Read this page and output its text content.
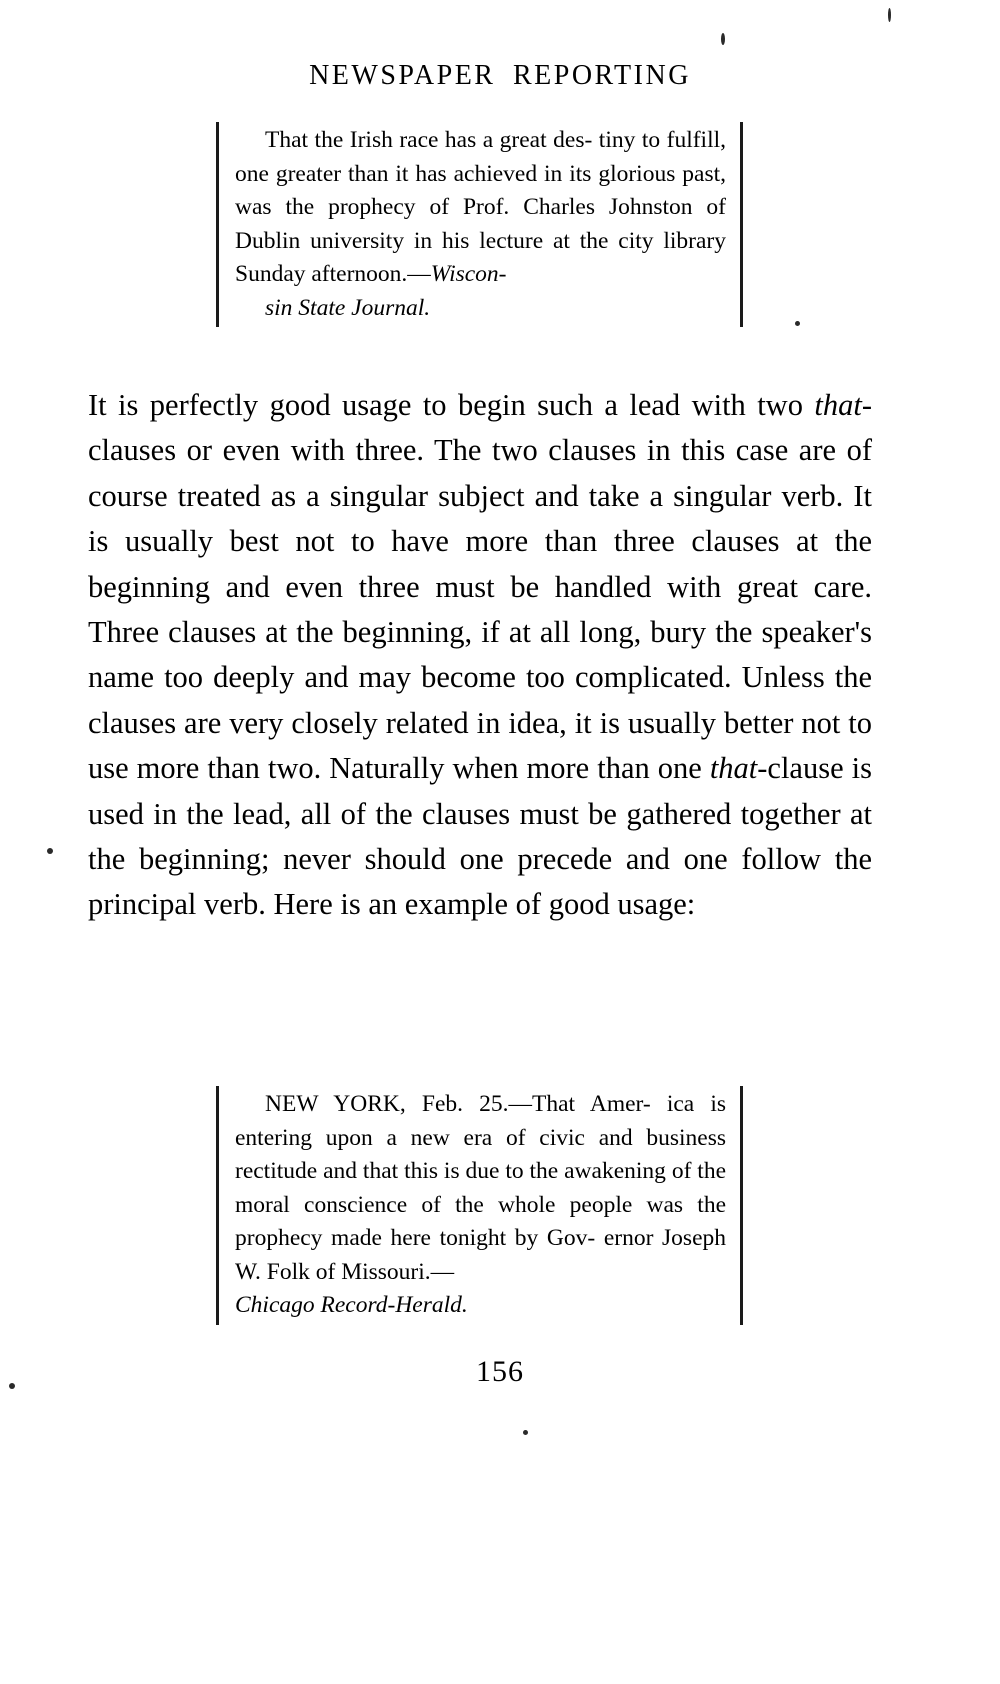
NEWSPAPER REPORTING

That the Irish race has a great des- tiny to fulfill, one greater than it has achieved in its glorious past, was the prophecy of Prof. Charles Johnston of Dublin university in his lecture at the city library Sunday afternoon.—Wiscon-

sin State Journal.

It is perfectly good usage to begin such a lead with two that-clauses or even with three. The two clauses in this case are of course treated as a singular subject and take a singular verb. It is usually best not to have more than three clauses at the beginning and even three must be handled with great care. Three clauses at the beginning, if at all long, bury the speaker's name too deeply and may become too complicated. Unless the clauses are very closely related in idea, it is usually better not to use more than two. Naturally when more than one that-clause is used in the lead, all of the clauses must be gathered together at the beginning; never should one precede and one follow the principal verb. Here is an example of good usage:

NEW YORK, Feb. 25.—That Amer- ica is entering upon a new era of civic and business rectitude and that this is due to the awakening of the moral conscience of the whole people was the prophecy made here tonight by Gov- ernor Joseph W. Folk of Missouri.—

Chicago Record-Herald.

156
